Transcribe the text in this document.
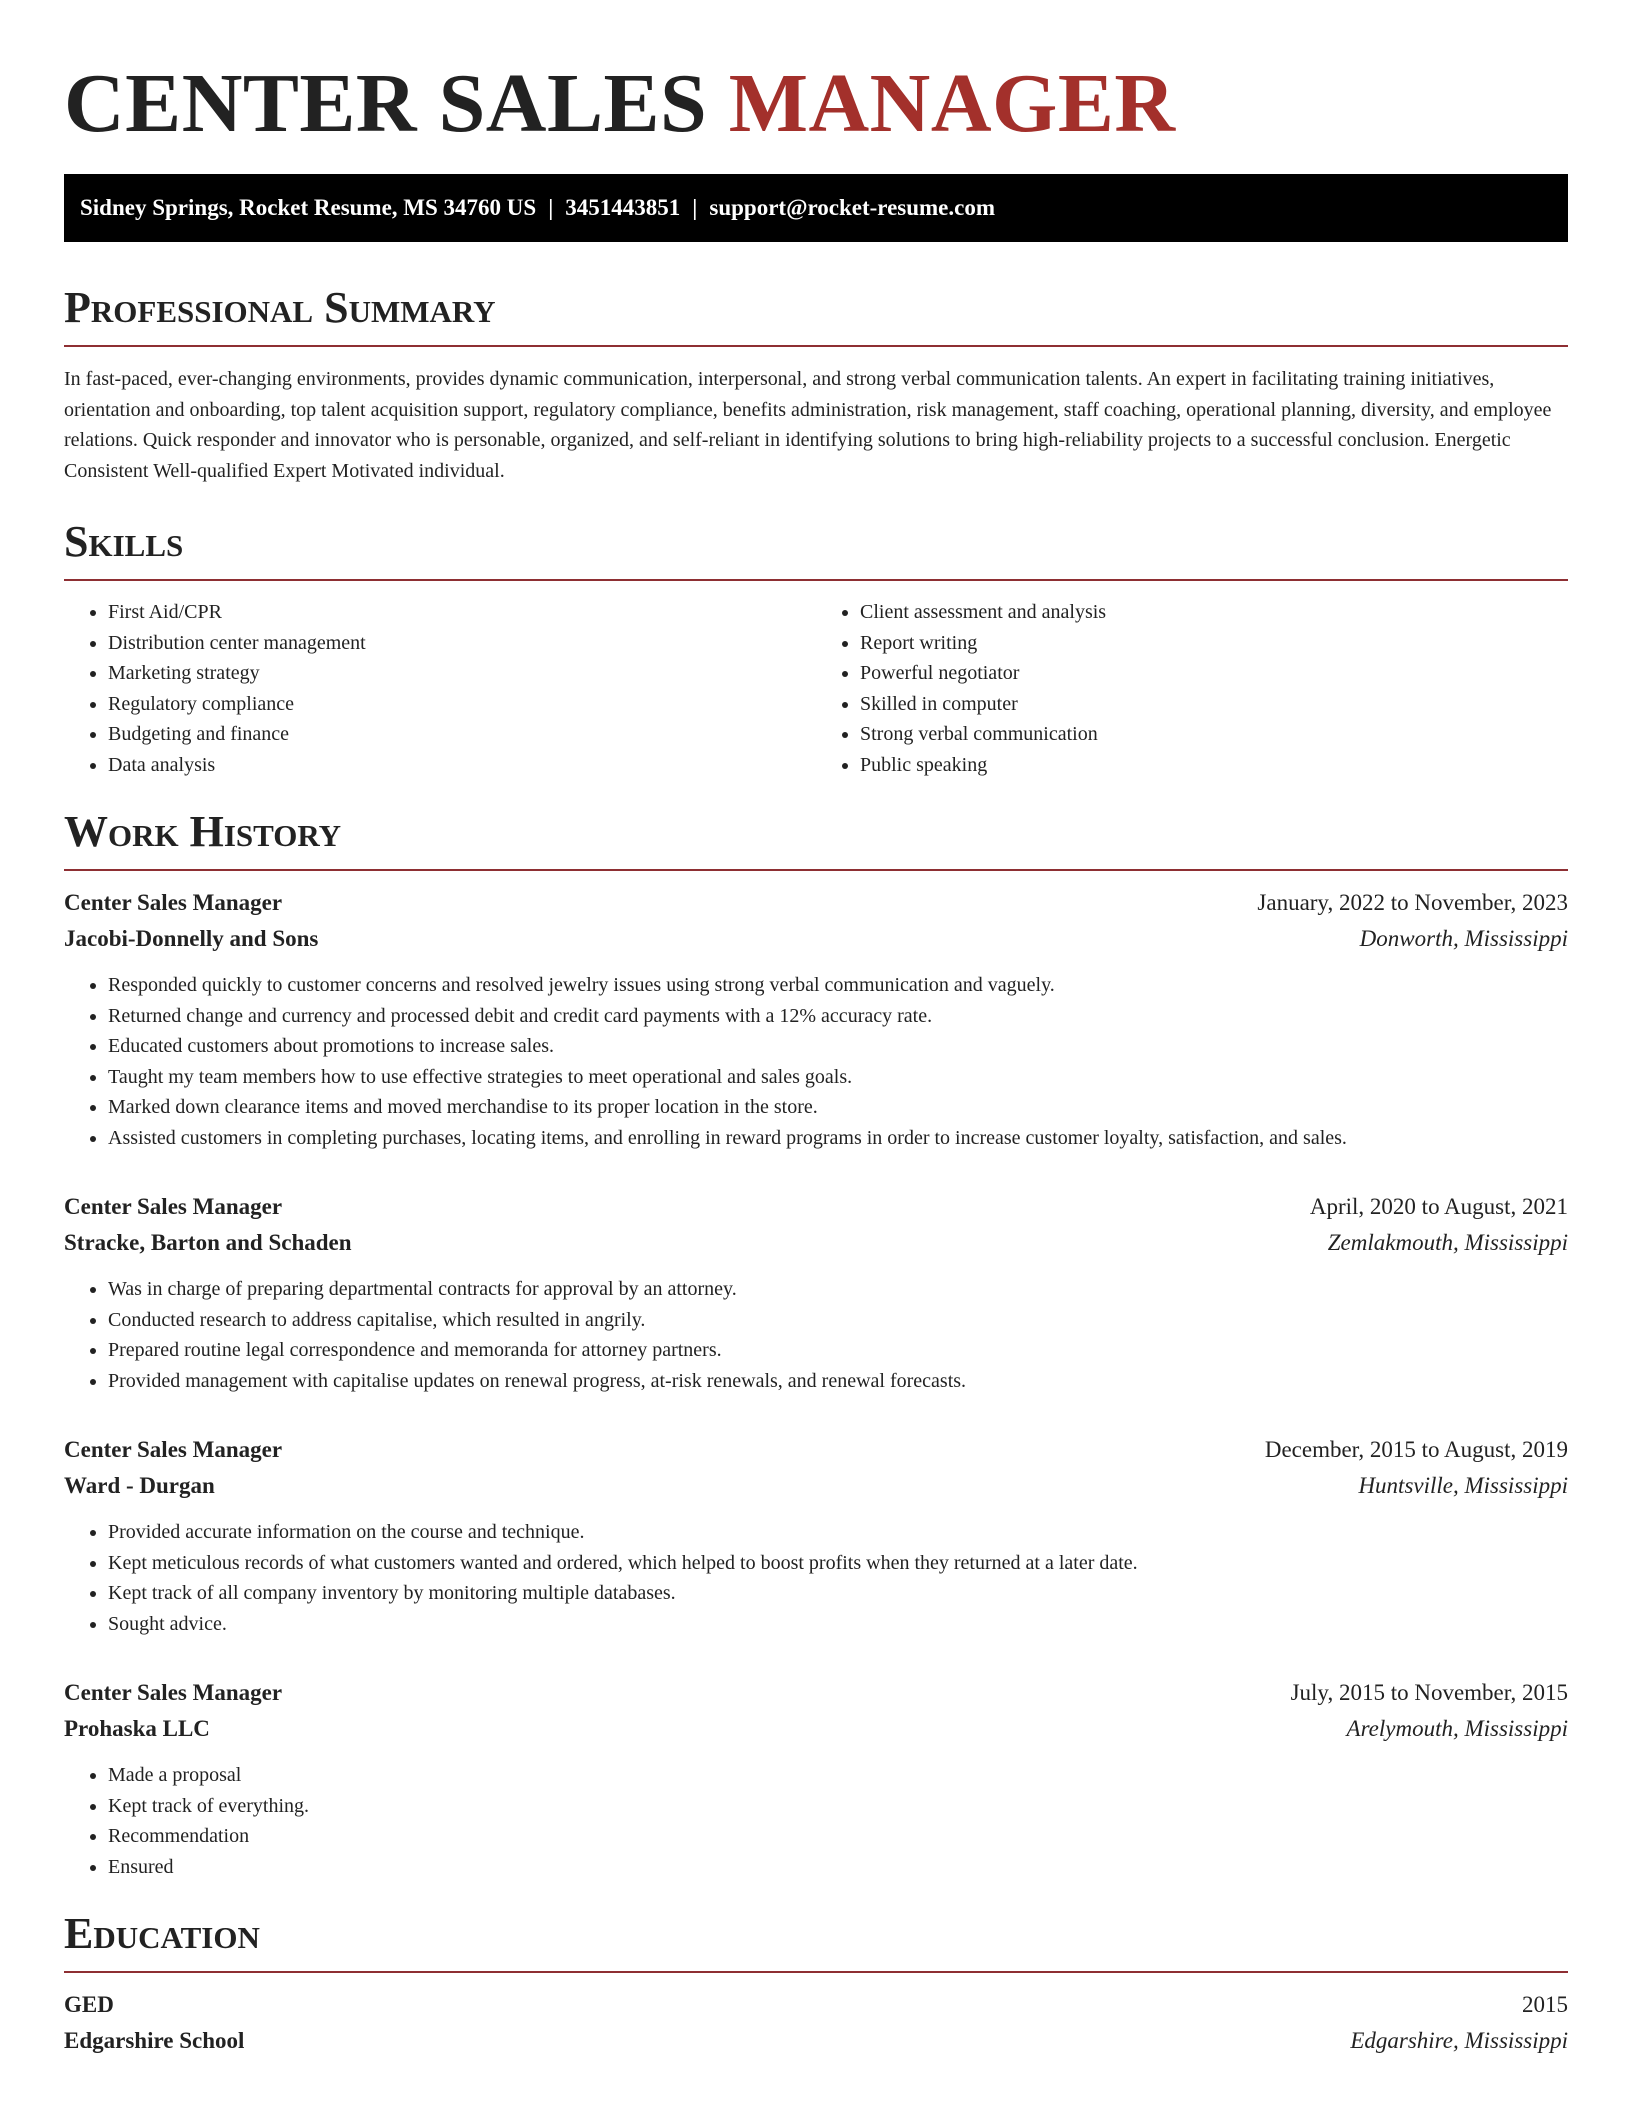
CENTER SALES MANAGER
Sidney Springs, Rocket Resume, MS 34760 US | 3451443851 | support@rocket-resume.com
Professional Summary

In fast-paced, ever-changing environments, provides dynamic communication, interpersonal, and strong verbal communication talents. An expert in facilitating training initiatives, orientation and onboarding, top talent acquisition support, regulatory compliance, benefits administration, risk management, staff coaching, operational planning, diversity, and employee relations. Quick responder and innovator who is personable, organized, and self-reliant in identifying solutions to bring high-reliability projects to a successful conclusion. Energetic Consistent Well-qualified Expert Motivated individual.

Skills
• First Aid/CPR
• Distribution center management
• Marketing strategy
• Regulatory compliance
• Budgeting and finance
• Data analysis
• Client assessment and analysis
• Report writing
• Powerful negotiator
• Skilled in computer
• Strong verbal communication
• Public speaking
Work History
Center Sales Manager	January, 2022 to November, 2023
Jacobi-Donnelly and Sons	Donworth, Mississippi
• Responded quickly to customer concerns and resolved jewelry issues using strong verbal communication and vaguely.
• Returned change and currency and processed debit and credit card payments with a 12% accuracy rate.
• Educated customers about promotions to increase sales.
• Taught my team members how to use effective strategies to meet operational and sales goals.
• Marked down clearance items and moved merchandise to its proper location in the store.
• Assisted customers in completing purchases, locating items, and enrolling in reward programs in order to increase customer loyalty, satisfaction, and sales.
Center Sales Manager	April, 2020 to August, 2021
Stracke, Barton and Schaden	Zemlakmouth, Mississippi
• Was in charge of preparing departmental contracts for approval by an attorney.
• Conducted research to address capitalise, which resulted in angrily.
• Prepared routine legal correspondence and memoranda for attorney partners.
• Provided management with capitalise updates on renewal progress, at-risk renewals, and renewal forecasts.
Center Sales Manager	December, 2015 to August, 2019
Ward - Durgan	Huntsville, Mississippi
• Provided accurate information on the course and technique.
• Kept meticulous records of what customers wanted and ordered, which helped to boost profits when they returned at a later date.
• Kept track of all company inventory by monitoring multiple databases.
• Sought advice.
Center Sales Manager	July, 2015 to November, 2015
Prohaska LLC	Arelymouth, Mississippi
• Made a proposal
• Kept track of everything.
• Recommendation
• Ensured
Education
GED	2015
Edgarshire School	Edgarshire, Mississippi
